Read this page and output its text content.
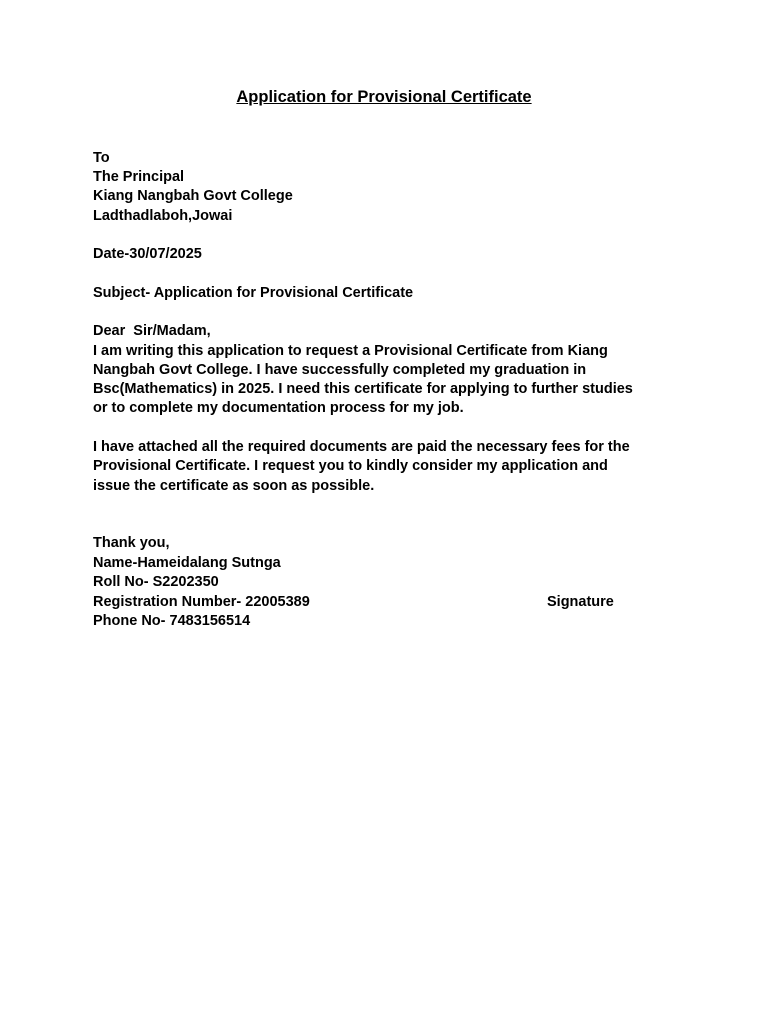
Application for Provisional Certificate
To
The Principal
Kiang Nangbah Govt College
Ladthadlaboh,Jowai
Date-30/07/2025
Subject- Application for Provisional Certificate
Dear  Sir/Madam,
I am writing this application to request a Provisional Certificate from Kiang
Nangbah Govt College. I have successfully completed my graduation in
Bsc(Mathematics) in 2025. I need this certificate for applying to further studies
or to complete my documentation process for my job.
I have attached all the required documents are paid the necessary fees for the
Provisional Certificate. I request you to kindly consider my application and
issue the certificate as soon as possible.
Thank you,
Name-Hameidalang Sutnga
Roll No- S2202350
Registration Number- 22005389
Phone No- 7483156514
Signature
